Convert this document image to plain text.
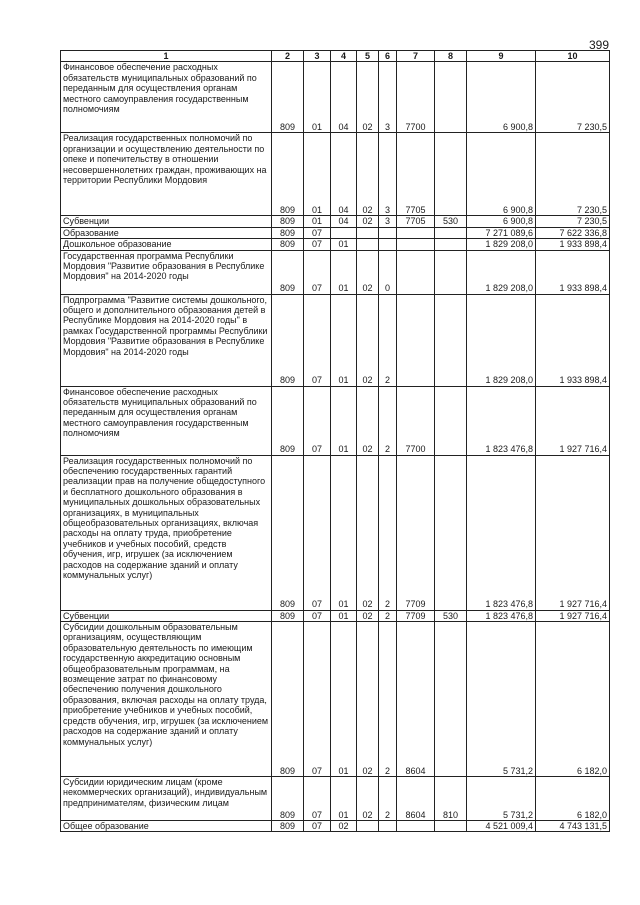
399
1	2	3	4	5	6	7	8	9	10
Финансовое обеспечение расходных обязательств муниципальных образований по переданным для осуществления органам местного самоуправления государственным полномочиям	809	01	04	02	3	7700		6 900,8	7 230,5
Реализация государственных полномочий по организации и осуществлению деятельности по опеке и попечительству в отношении несовершеннолетних граждан, проживающих на территории Республики Мордовия	809	01	04	02	3	7705		6 900,8	7 230,5
Субвенции	809	01	04	02	3	7705	530	6 900,8	7 230,5
Образование	809	07						7 271 089,6	7 622 336,8
Дошкольное образование	809	07	01					1 829 208,0	1 933 898,4
Государственная программа Республики Мордовия "Развитие образования в Республике Мордовия" на 2014-2020 годы	809	07	01	02	0			1 829 208,0	1 933 898,4
Подпрограмма "Развитие системы дошкольного, общего и дополнительного образования детей в Республике Мордовия на 2014-2020 годы" в рамках Государственной программы Республики Мордовия "Развитие образования в Республике Мордовия" на 2014-2020 годы	809	07	01	02	2			1 829 208,0	1 933 898,4
Финансовое обеспечение расходных обязательств муниципальных образований по переданным для осуществления органам местного самоуправления государственным полномочиям	809	07	01	02	2	7700		1 823 476,8	1 927 716,4
Реализация государственных полномочий по обеспечению государственных гарантий реализации прав на получение общедоступного и бесплатного дошкольного образования в муниципальных дошкольных образовательных организациях, в муниципальных общеобразовательных организациях, включая расходы на оплату труда, приобретение учебников и учебных пособий, средств обучения, игр, игрушек (за исключением расходов на содержание зданий и оплату коммунальных услуг)	809	07	01	02	2	7709		1 823 476,8	1 927 716,4
Субвенции	809	07	01	02	2	7709	530	1 823 476,8	1 927 716,4
Субсидии дошкольным образовательным организациям, осуществляющим образовательную деятельность по имеющим государственную аккредитацию основным общеобразовательным программам, на возмещение затрат по финансовому обеспечению получения дошкольного образования, включая расходы на оплату труда, приобретение учебников и учебных пособий, средств обучения, игр, игрушек (за исключением расходов на содержание зданий и оплату коммунальных услуг)	809	07	01	02	2	8604		5 731,2	6 182,0
Субсидии юридическим лицам (кроме некоммерческих организаций), индивидуальным предпринимателям, физическим лицам	809	07	01	02	2	8604	810	5 731,2	6 182,0
Общее образование	809	07	02					4 521 009,4	4 743 131,5
